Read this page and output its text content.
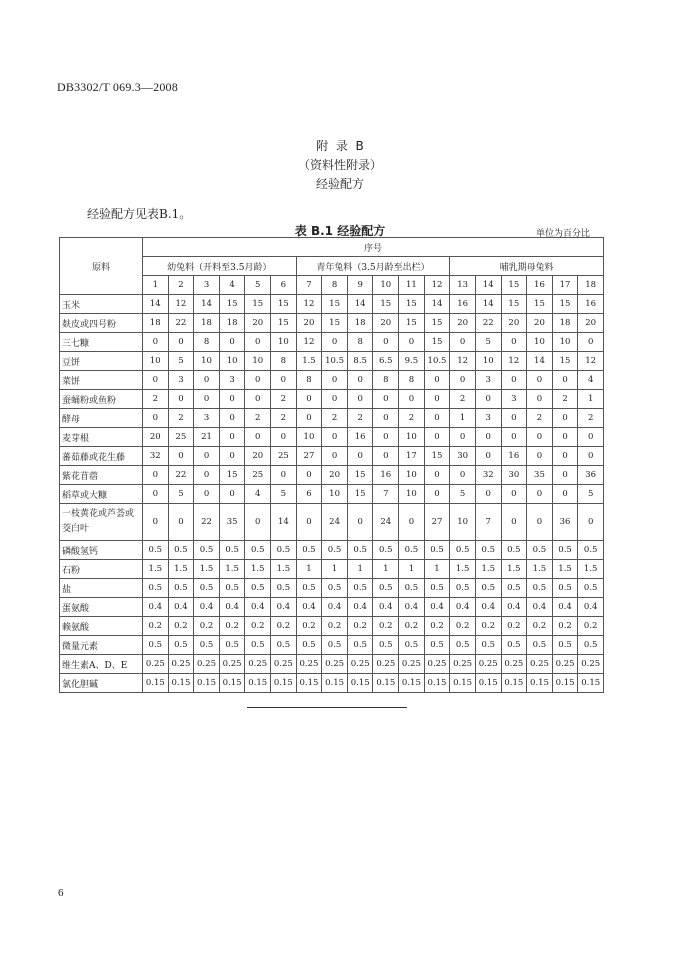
DB3302/T 069.3—2008
附  录  B
（资料性附录）
经验配方
经验配方见表B.1。
表 B.1 经验配方	单位为百分比
原料	序号																	
	幼兔料（开料至3.5月龄）						青年兔料（3.5月龄至出栏）						哺乳期母兔料					
	1	2	3	4	5	6	7	8	9	10	11	12	13	14	15	16	17	18
玉米	14	12	14	15	15	15	12	15	14	15	15	14	16	14	15	15	15	16
麸皮或四号粉	18	22	18	18	20	15	20	15	18	20	15	15	20	22	20	20	18	20
三七糠	0	0	8	0	0	10	12	0	8	0	0	15	0	5	0	10	10	0
豆饼	10	5	10	10	10	8	1.5	10.5	8.5	6.5	9.5	10.5	12	10	12	14	15	12
菜饼	0	3	0	3	0	0	8	0	0	8	8	0	0	3	0	0	0	4
蚕蛹粉或鱼粉	2	0	0	0	0	2	0	0	0	0	0	0	2	0	3	0	2	1
酵母	0	2	3	0	2	2	0	2	2	0	2	0	1	3	0	2	0	2
麦芽根	20	25	21	0	0	0	10	0	16	0	10	0	0	0	0	0	0	0
蕃茹藤或花生藤	32	0	0	0	20	25	27	0	0	0	17	15	30	0	16	0	0	0
紫花苜蓿	0	22	0	15	25	0	0	20	15	16	10	0	0	32	30	35	0	36
稻草或大糠	0	5	0	0	4	5	6	10	15	7	10	0	5	0	0	0	0	5
一枝黄花或芦荟或茭白叶	0	0	22	35	0	14	0	24	0	24	0	27	10	7	0	0	36	0
磷酸氢钙	0.5	0.5	0.5	0.5	0.5	0.5	0.5	0.5	0.5	0.5	0.5	0.5	0.5	0.5	0.5	0.5	0.5	0.5
石粉	1.5	1.5	1.5	1.5	1.5	1.5	1	1	1	1	1	1	1.5	1.5	1.5	1.5	1.5	1.5
盐	0.5	0.5	0.5	0.5	0.5	0.5	0.5	0.5	0.5	0.5	0.5	0.5	0.5	0.5	0.5	0.5	0.5	0.5
蛋氨酸	0.4	0.4	0.4	0.4	0.4	0.4	0.4	0.4	0.4	0.4	0.4	0.4	0.4	0.4	0.4	0.4	0.4	0.4
赖氨酸	0.2	0.2	0.2	0.2	0.2	0.2	0.2	0.2	0.2	0.2	0.2	0.2	0.2	0.2	0.2	0.2	0.2	0.2
微量元素	0.5	0.5	0.5	0.5	0.5	0.5	0.5	0.5	0.5	0.5	0.5	0.5	0.5	0.5	0.5	0.5	0.5	0.5
维生素A、D、E	0.25	0.25	0.25	0.25	0.25	0.25	0.25	0.25	0.25	0.25	0.25	0.25	0.25	0.25	0.25	0.25	0.25	0.25
氯化胆碱	0.15	0.15	0.15	0.15	0.15	0.15	0.15	0.15	0.15	0.15	0.15	0.15	0.15	0.15	0.15	0.15	0.15	0.15
6
